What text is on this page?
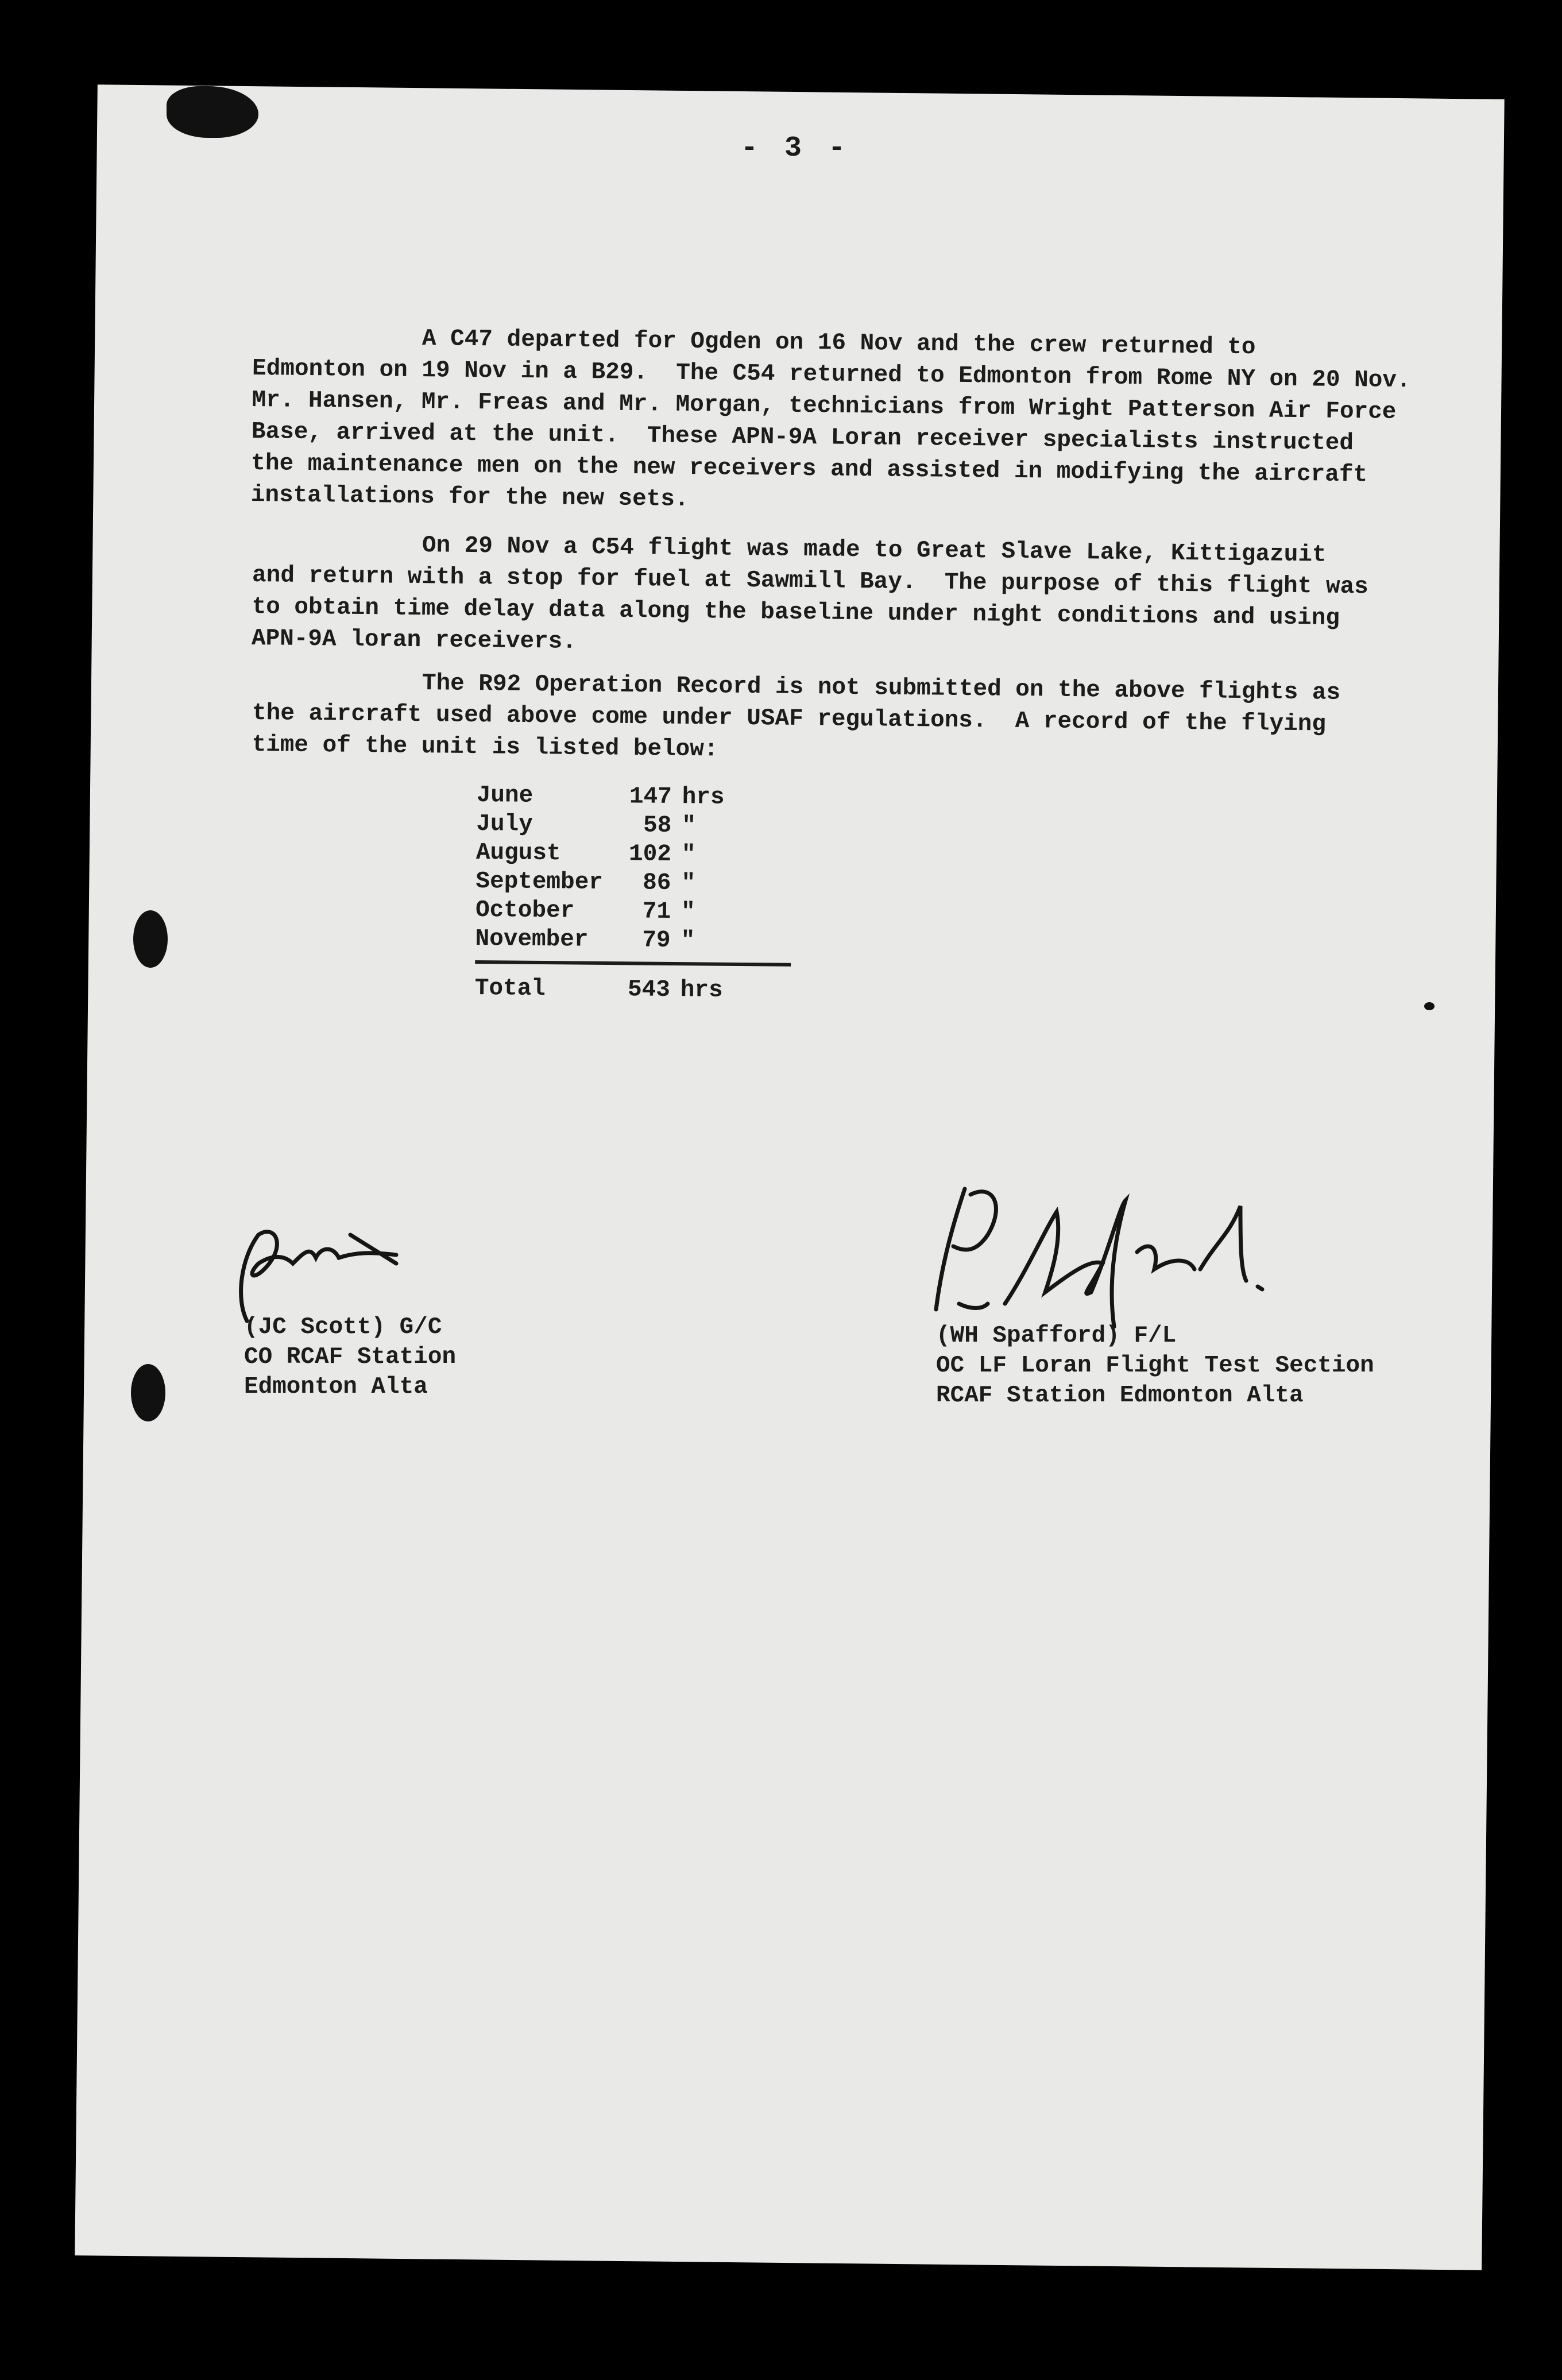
- 3 -
A C47 departed for Ogden on 16 Nov and the crew returned to
Edmonton on 19 Nov in a B29.  The C54 returned to Edmonton from Rome NY on 20 Nov.
Mr. Hansen, Mr. Freas and Mr. Morgan, technicians from Wright Patterson Air Force
Base, arrived at the unit.  These APN-9A Loran receiver specialists instructed
the maintenance men on the new receivers and assisted in modifying the aircraft
installations for the new sets.
On 29 Nov a C54 flight was made to Great Slave Lake, Kittigazuit
and return with a stop for fuel at Sawmill Bay.  The purpose of this flight was
to obtain time delay data along the baseline under night conditions and using
APN-9A loran receivers.
The R92 Operation Record is not submitted on the above flights as
the aircraft used above come under USAF regulations.  A record of the flying
time of the unit is listed below:
June	147 hrs
July	58 "
August	102 "
September	86 "
October	71 "
November	79 "
Total	543 hrs
(JC Scott) G/C
CO RCAF Station
Edmonton Alta
(WH Spafford) F/L
OC LF Loran Flight Test Section
RCAF Station Edmonton Alta
